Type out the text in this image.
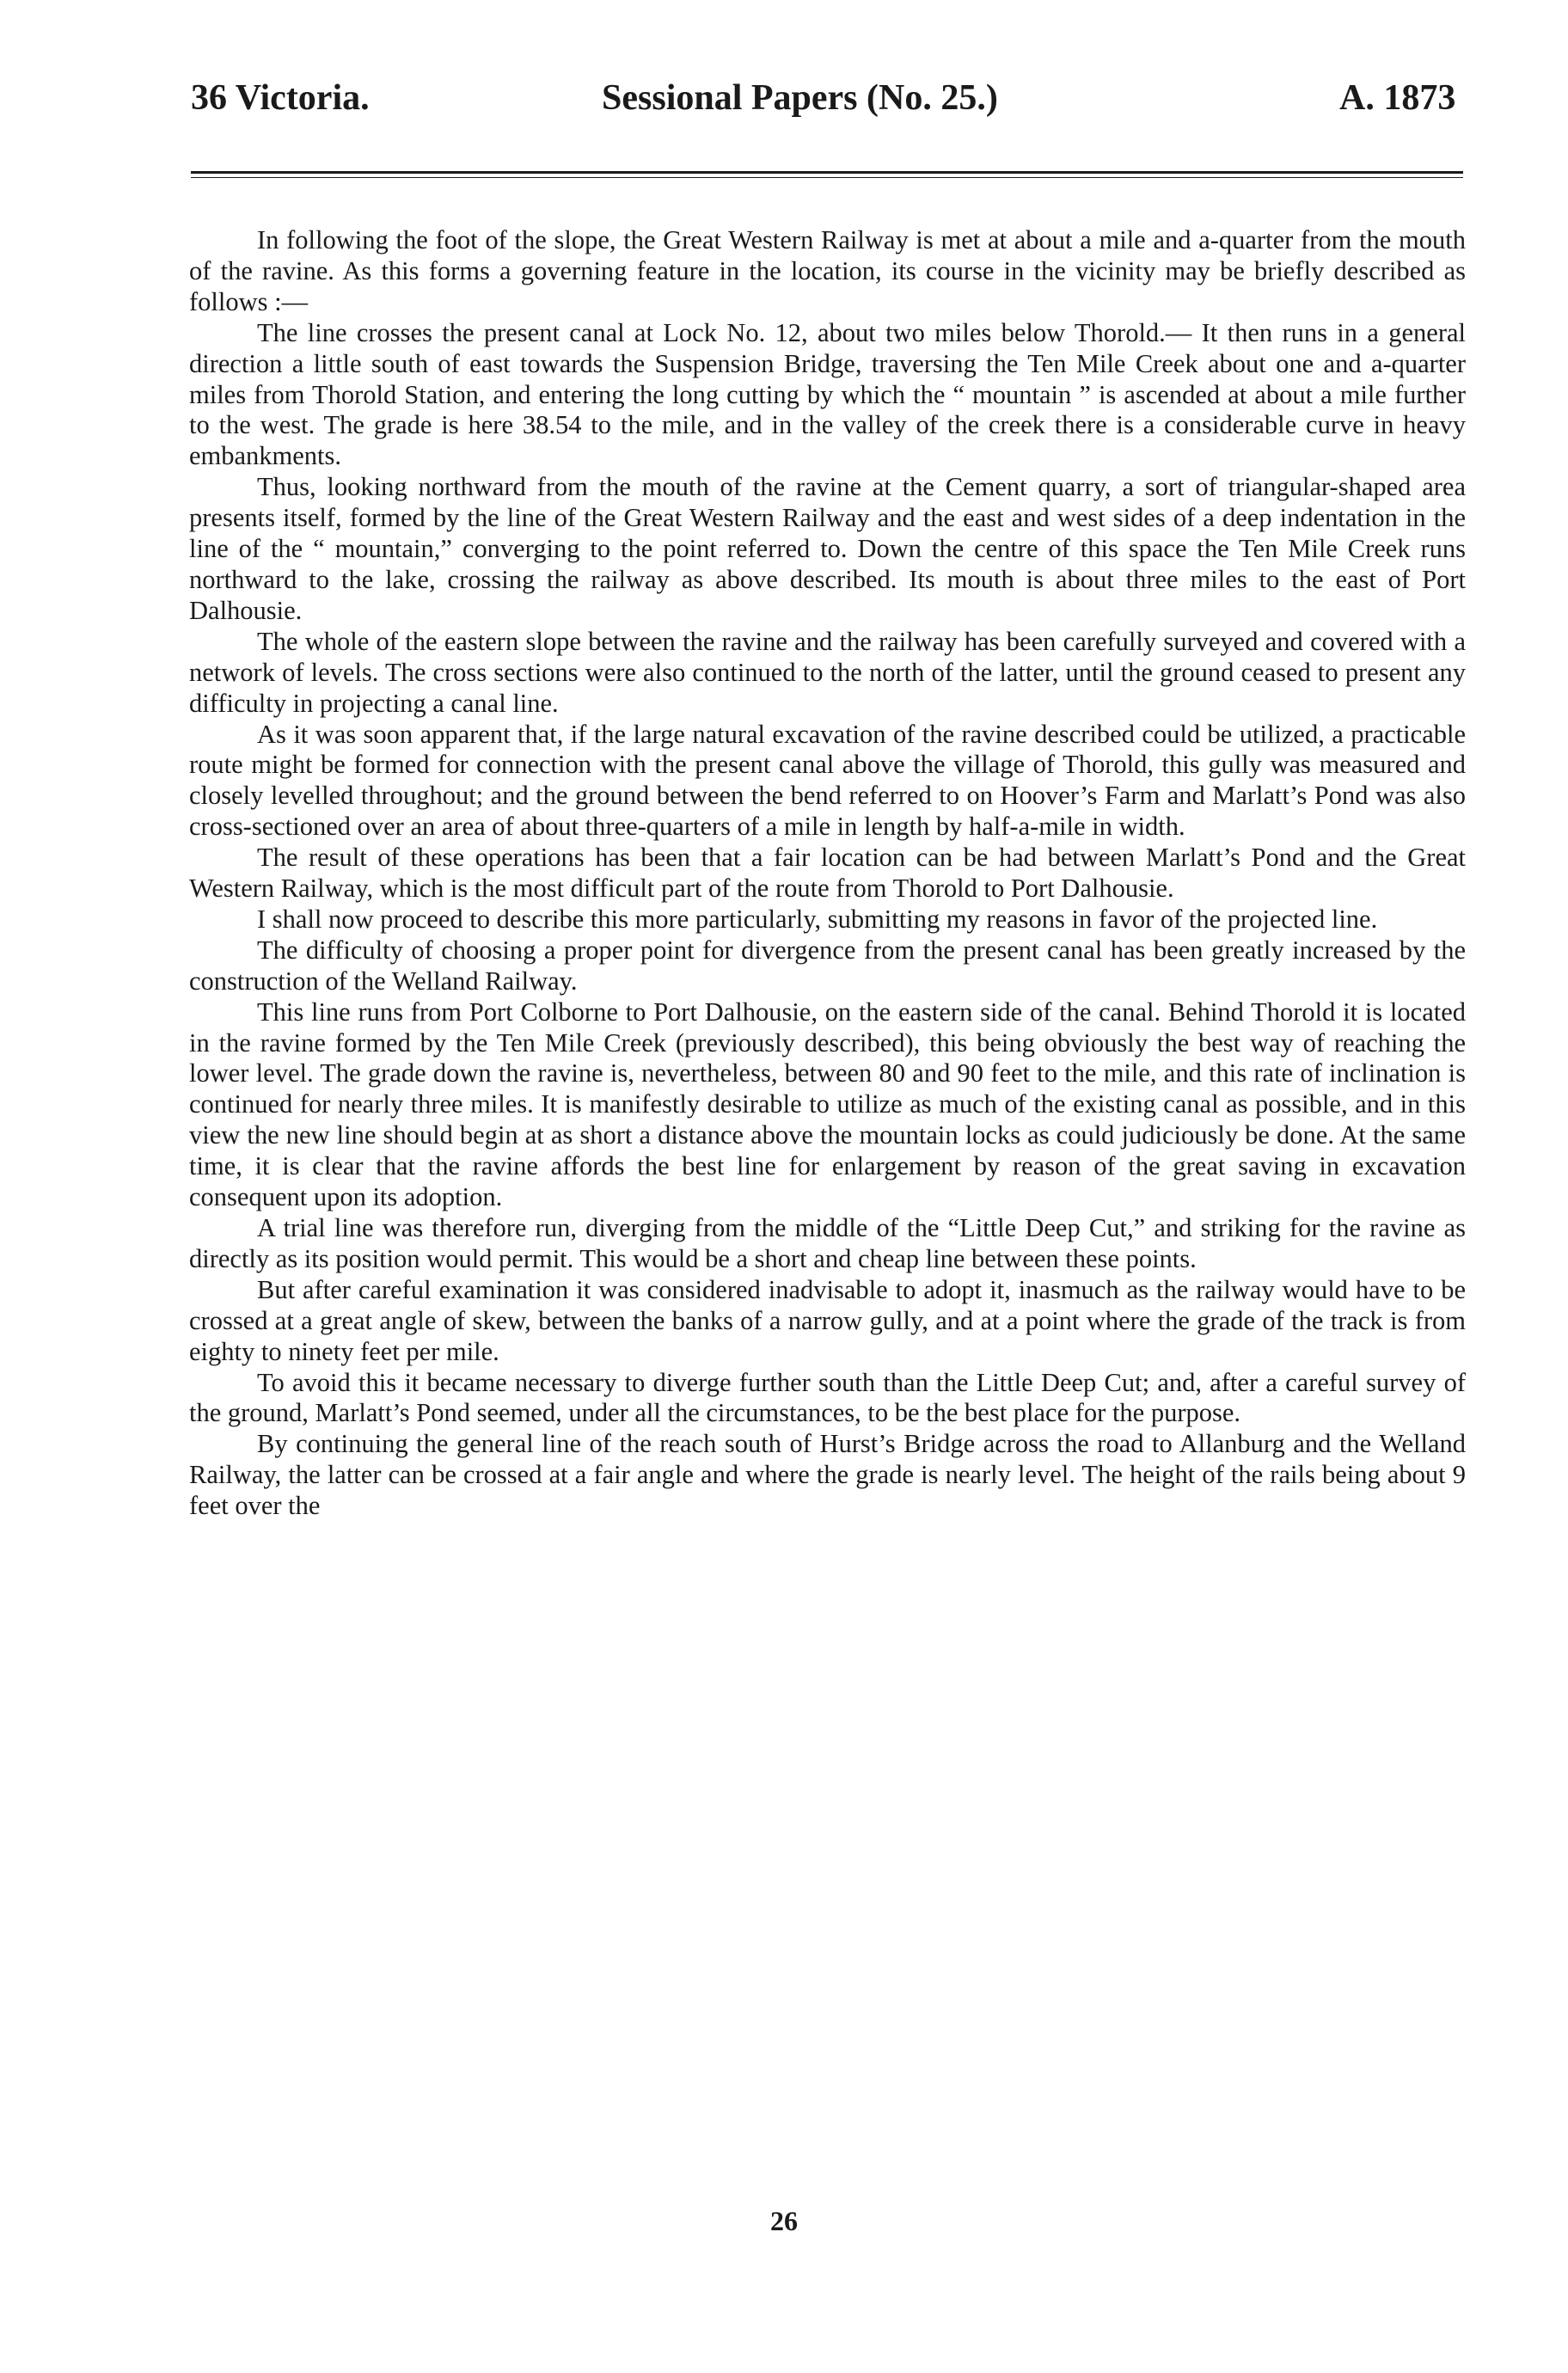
36 Victoria.	Sessional Papers (No. 25.)	A. 1873

In following the foot of the slope, the Great Western Railway is met at about a mile and a-quarter from the mouth of the ravine. As this forms a governing feature in the location, its course in the vicinity may be briefly described as follows :—

The line crosses the present canal at Lock No. 12, about two miles below Thorold.— It then runs in a general direction a little south of east towards the Suspension Bridge, traversing the Ten Mile Creek about one and a-quarter miles from Thorold Station, and entering the long cutting by which the “ mountain ” is ascended at about a mile further to the west. The grade is here 38.54 to the mile, and in the valley of the creek there is a considerable curve in heavy embankments.

Thus, looking northward from the mouth of the ravine at the Cement quarry, a sort of triangular-shaped area presents itself, formed by the line of the Great Western Railway and the east and west sides of a deep indentation in the line of the “ mountain,” converging to the point referred to. Down the centre of this space the Ten Mile Creek runs northward to the lake, crossing the railway as above described. Its mouth is about three miles to the east of Port Dalhousie.

The whole of the eastern slope between the ravine and the railway has been carefully surveyed and covered with a network of levels. The cross sections were also continued to the north of the latter, until the ground ceased to present any difficulty in projecting a canal line.

As it was soon apparent that, if the large natural excavation of the ravine described could be utilized, a practicable route might be formed for connection with the present canal above the village of Thorold, this gully was measured and closely levelled throughout; and the ground between the bend referred to on Hoover’s Farm and Marlatt’s Pond was also cross-sectioned over an area of about three-quarters of a mile in length by half-a-mile in width.

The result of these operations has been that a fair location can be had between Marlatt’s Pond and the Great Western Railway, which is the most difficult part of the route from Thorold to Port Dalhousie.

I shall now proceed to describe this more particularly, submitting my reasons in favor of the projected line.

The difficulty of choosing a proper point for divergence from the present canal has been greatly increased by the construction of the Welland Railway.

This line runs from Port Colborne to Port Dalhousie, on the eastern side of the canal. Behind Thorold it is located in the ravine formed by the Ten Mile Creek (previously described), this being obviously the best way of reaching the lower level. The grade down the ravine is, nevertheless, between 80 and 90 feet to the mile, and this rate of inclination is continued for nearly three miles. It is manifestly desirable to utilize as much of the existing canal as possible, and in this view the new line should begin at as short a distance above the mountain locks as could judiciously be done. At the same time, it is clear that the ravine affords the best line for enlargement by reason of the great saving in excavation consequent upon its adoption.

A trial line was therefore run, diverging from the middle of the “Little Deep Cut,” and striking for the ravine as directly as its position would permit. This would be a short and cheap line between these points.

But after careful examination it was considered inadvisable to adopt it, inasmuch as the railway would have to be crossed at a great angle of skew, between the banks of a narrow gully, and at a point where the grade of the track is from eighty to ninety feet per mile.

To avoid this it became necessary to diverge further south than the Little Deep Cut; and, after a careful survey of the ground, Marlatt’s Pond seemed, under all the circumstances, to be the best place for the purpose.

By continuing the general line of the reach south of Hurst’s Bridge across the road to Allanburg and the Welland Railway, the latter can be crossed at a fair angle and where the grade is nearly level. The height of the rails being about 9 feet over the

26
